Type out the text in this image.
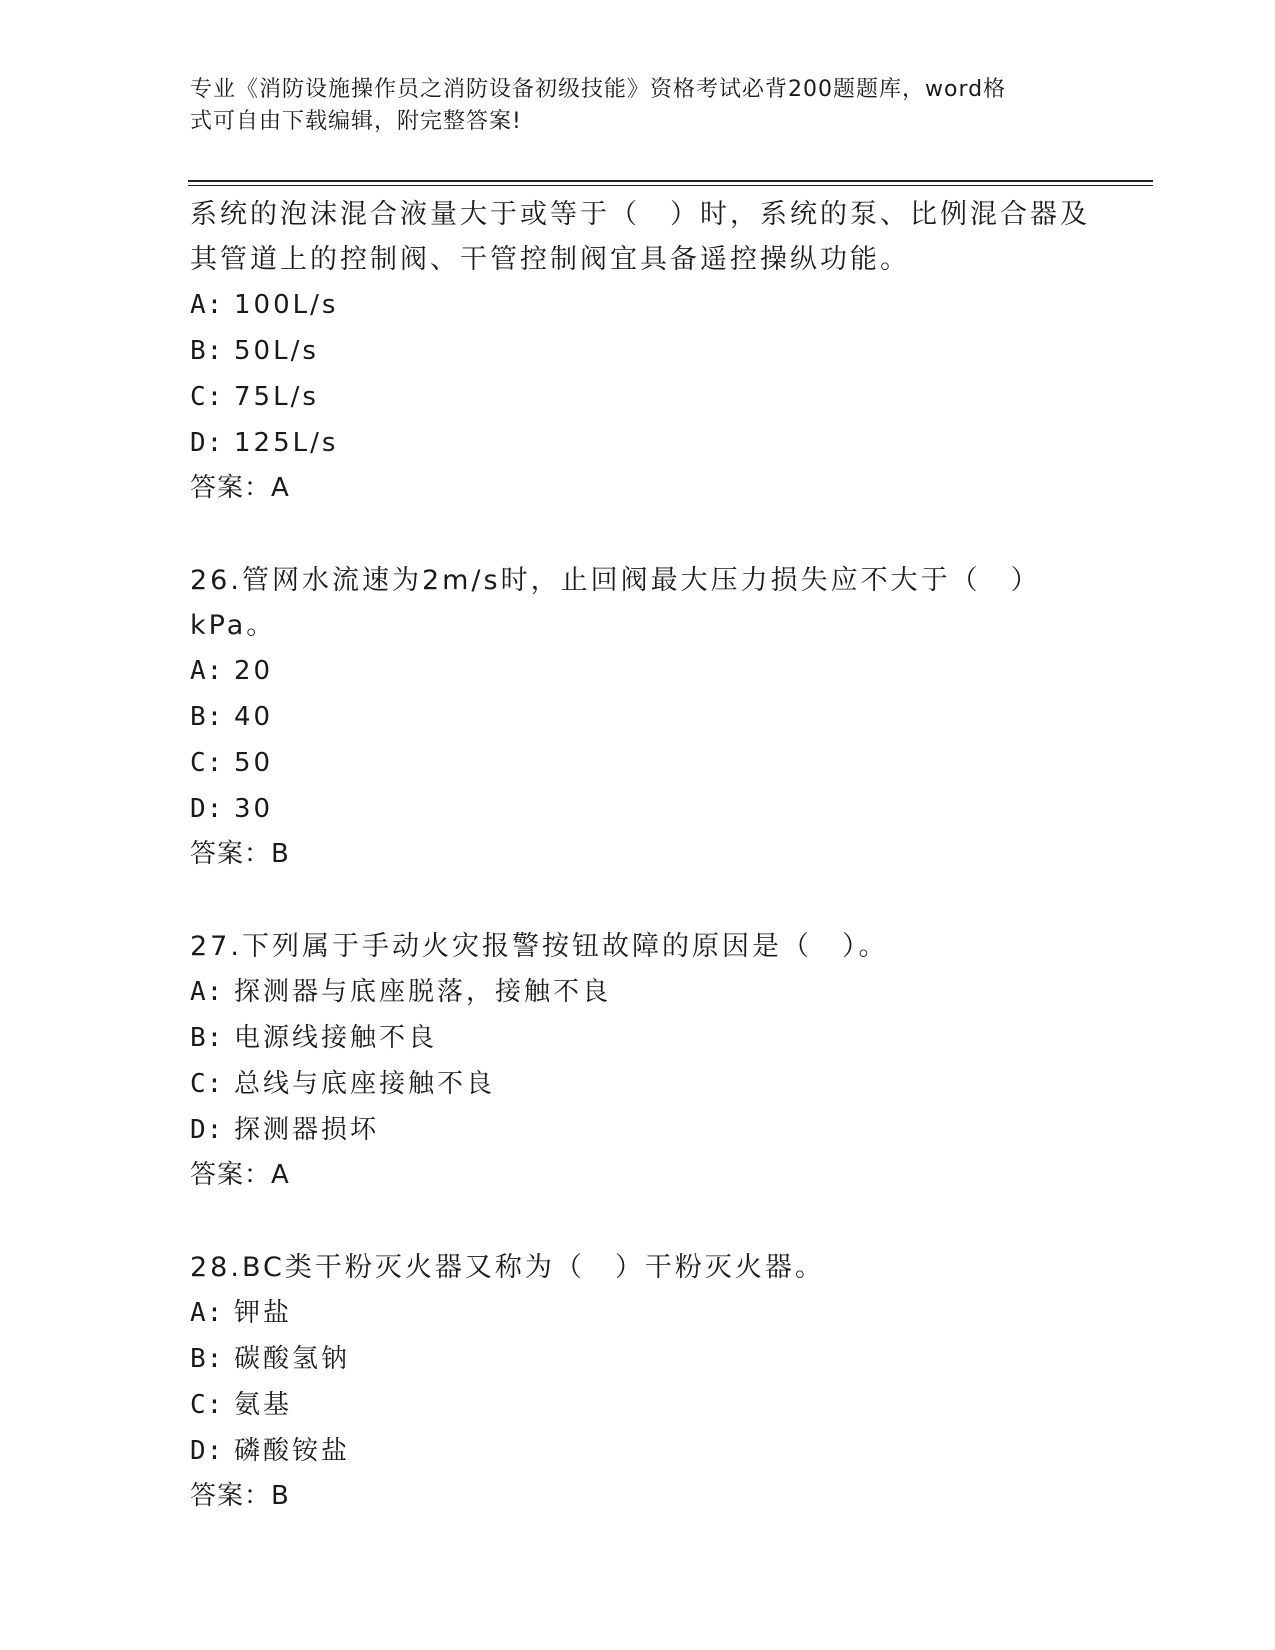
专业《消防设施操作员之消防设备初级技能》资格考试必背200题题库，word格
式可自由下载编辑，附完整答案!

系统的泡沫混合液量大于或等于（　）时，系统的泵、比例混合器及
其管道上的控制阀、干管控制阀宜具备遥控操纵功能。

A: 100L/s

B: 50L/s

C: 75L/s

D: 125L/s

答案：A

26.管网水流速为2m/s时，止回阀最大压力损失应不大于（　）kPa。

A: 20

B: 40

C: 50

D: 30

答案：B

27.下列属于手动火灾报警按钮故障的原因是（　）。

A: 探测器与底座脱落，接触不良

B: 电源线接触不良

C: 总线与底座接触不良

D: 探测器损坏

答案：A

28.BC类干粉灭火器又称为（　）干粉灭火器。

A: 钾盐

B: 碳酸氢钠

C: 氨基

D: 磷酸铵盐

答案：B
